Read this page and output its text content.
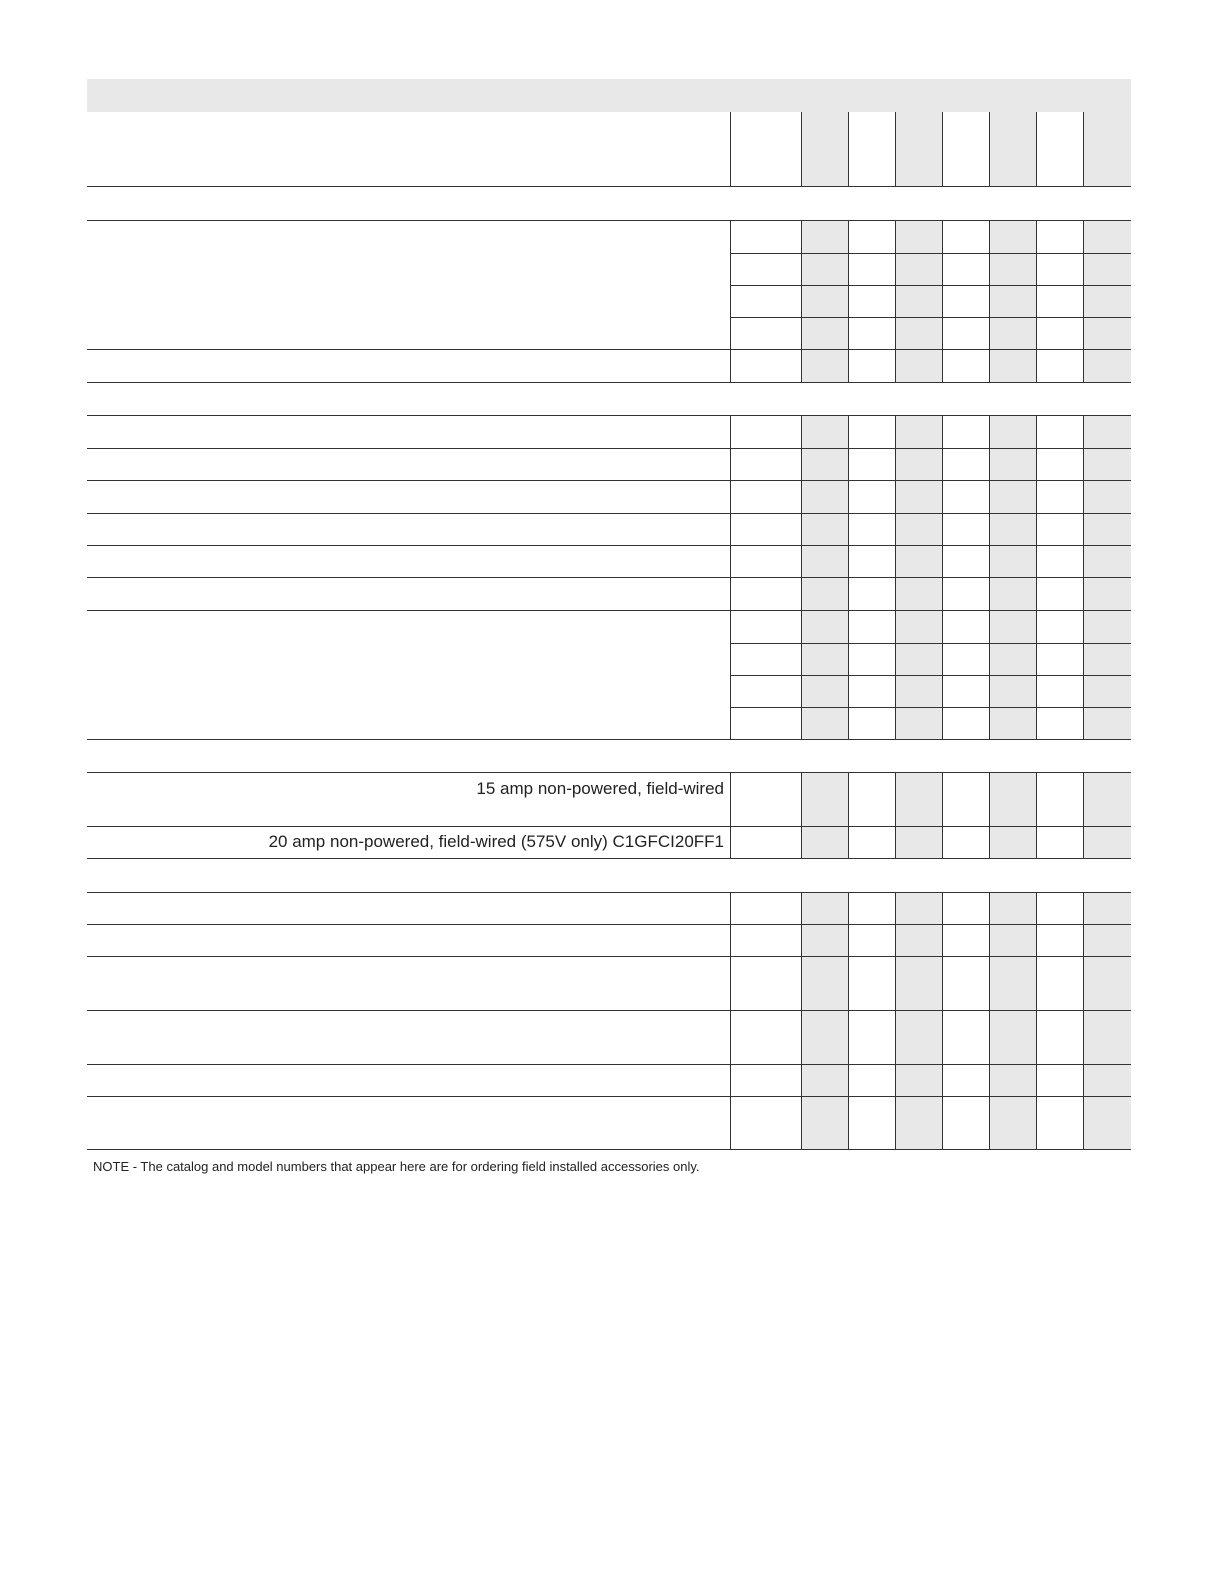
15 amp non-powered, field-wired
20 amp non-powered, field-wired (575V only) C1GFCI20FF1
NOTE - The catalog and model numbers that appear here are for ordering field installed accessories only.
